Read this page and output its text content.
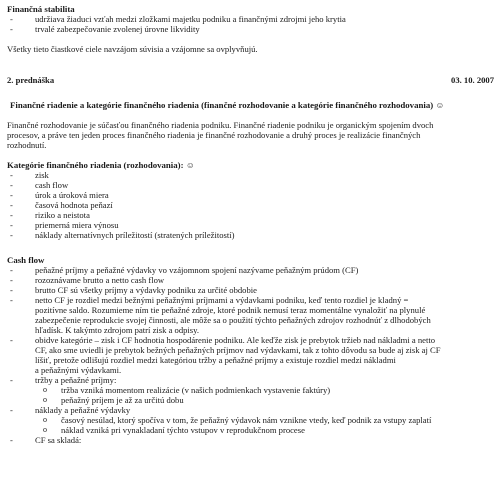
Finančná stabilita
- udržiava žiaduci vzťah medzi zložkami majetku podniku a finančnými zdrojmi jeho krytia
- trvalé zabezpečovanie zvolenej úrovne likvidity

Všetky tieto čiastkové ciele navzájom súvisia a vzájomne sa ovplyvňujú.

2. prednáška	03. 10. 2007
Finančné riadenie a kategórie finančného riadenia (finančné rozhodovanie a kategórie finančného rozhodovania) ☺

Finančné rozhodovanie je súčasťou finančného riadenia podniku. Finančné riadenie podniku je organickým spojením dvoch
procesov, a práve ten jeden proces finančného riadenia je finančné rozhodovanie a druhý proces je realizácie finančných
rozhodnutí.

Kategórie finančného riadenia (rozhodovania): ☺
- zisk
- cash flow
- úrok a úroková miera
- časová hodnota peňazí
- riziko a neistota
- priemerná miera výnosu
- náklady alternatívnych príležitostí (stratených príležitostí)
Cash flow
- peňažné príjmy a peňažné výdavky vo vzájomnom spojení nazývame peňažným prúdom (CF)
- rozoznávame brutto a netto cash flow
- brutto CF sú všetky príjmy a výdavky podniku za určité obdobie
- netto CF je rozdiel medzi bežnými peňažnými príjmami a výdavkami podniku, keď tento rozdiel je kladný =
pozitívne saldo. Rozumieme ním tie peňažné zdroje, ktoré podnik nemusí teraz momentálne vynaložiť na plynulé
zabezpečenie reprodukcie svojej činnosti, ale môže sa o použití týchto peňažných zdrojov rozhodnúť z dlhodobých
hľadísk. K takýmto zdrojom patrí zisk a odpisy.
- obidve kategórie – zisk i CF hodnotia hospodárenie podniku. Ale keďže zisk je prebytok tržieb nad nákladmi a netto
CF, ako sme uviedli je prebytok bežných peňažných príjmov nad výdavkami, tak z tohto dôvodu sa bude aj zisk aj CF
líšiť, pretože odlišujú rozdiel medzi kategóriou tržby a peňažné príjmy a existuje rozdiel medzi nákladmi
a peňažnými výdavkami.
- tržby a peňažné príjmy:
o tržba vzniká momentom realizácie (v našich podmienkach vystavenie faktúry)
o peňažný príjem je až za určitú dobu
- náklady a peňažné výdavky
o časový nesúlad, ktorý spočíva v tom, že peňažný výdavok nám vznikne vtedy, keď podnik za vstupy zaplatí
o náklad vzniká pri vynakladaní týchto vstupov v reprodukčnom procese
- CF sa skladá:
